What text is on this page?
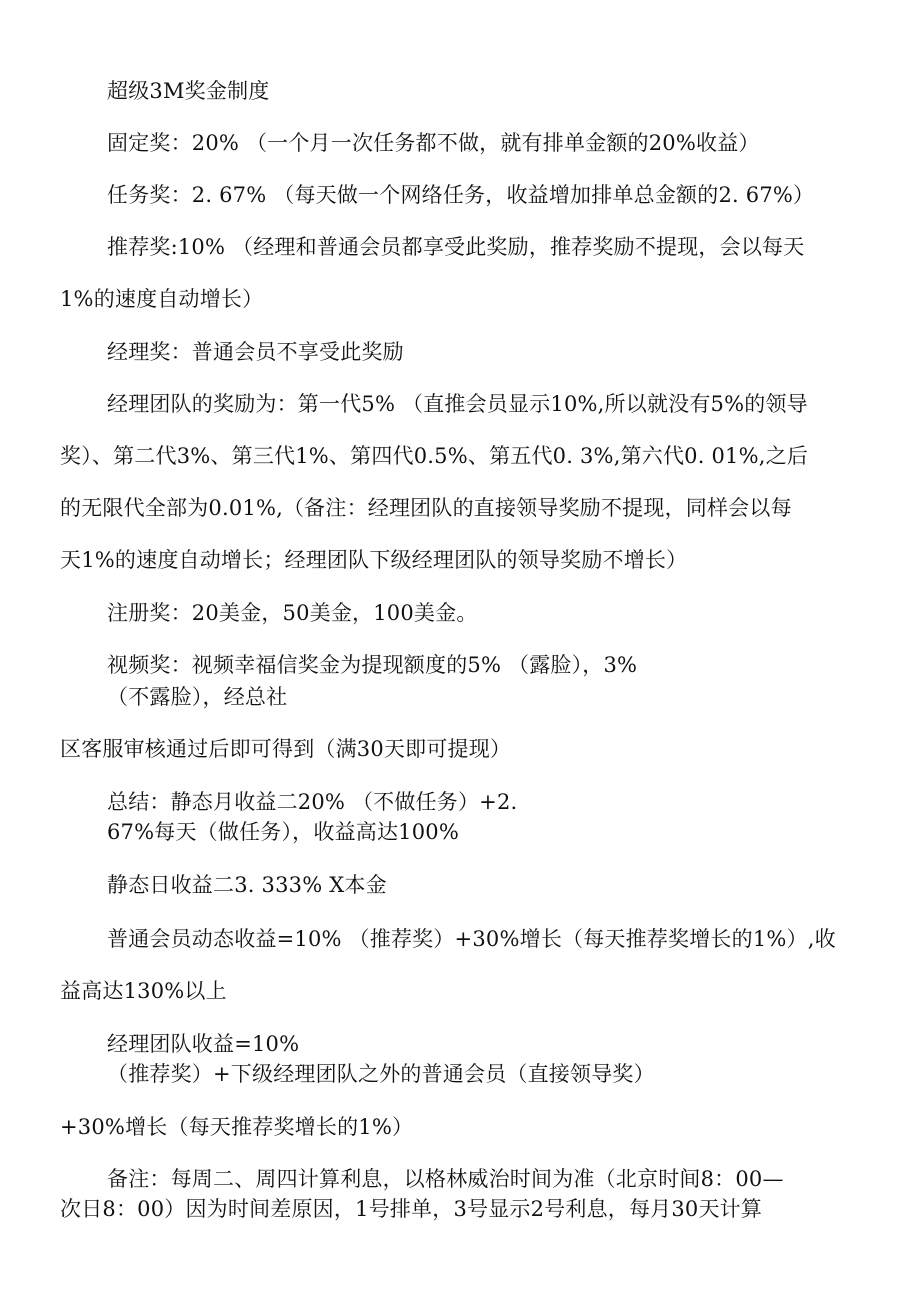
超级3M奖金制度
固定奖：20% （一个月一次任务都不做，就有排单金额的20%收益）
任务奖：2. 67% （每天做一个网络任务，收益增加排单总金额的2. 67%）
推荐奖:10% （经理和普通会员都享受此奖励，推荐奖励不提现，会以每天
1%的速度自动增长）
经理奖：普通会员不享受此奖励
经理团队的奖励为：第一代5% （直推会员显示10%,所以就没有5%的领导
奖）、第二代3%、第三代1%、第四代0.5%、第五代0. 3%,第六代0. 01%,之后
的无限代全部为0.01%,（备注：经理团队的直接领导奖励不提现，同样会以每
天1%的速度自动增长；经理团队下级经理团队的领导奖励不增长）
注册奖：20美金，50美金，100美金。
视频奖：视频幸福信奖金为提现额度的5% （露脸），3%
（不露脸），经总社
区客服审核通过后即可得到（满30天即可提现）
总结：静态月收益二20% （不做任务）+2.
67%每天（做任务），收益高达100%
静态日收益二3. 333% X本金
普通会员动态收益=10% （推荐奖）+30%增长（每天推荐奖增长的1%）,收
益高达130%以上
经理团队收益=10%
（推荐奖）+下级经理团队之外的普通会员（直接领导奖）
+30%增长（每天推荐奖增长的1%）
备注：每周二、周四计算利息，以格林威治时间为准（北京时间8：00—
次日8：00）因为时间差原因，1号排单，3号显示2号利息，每月30天计算
